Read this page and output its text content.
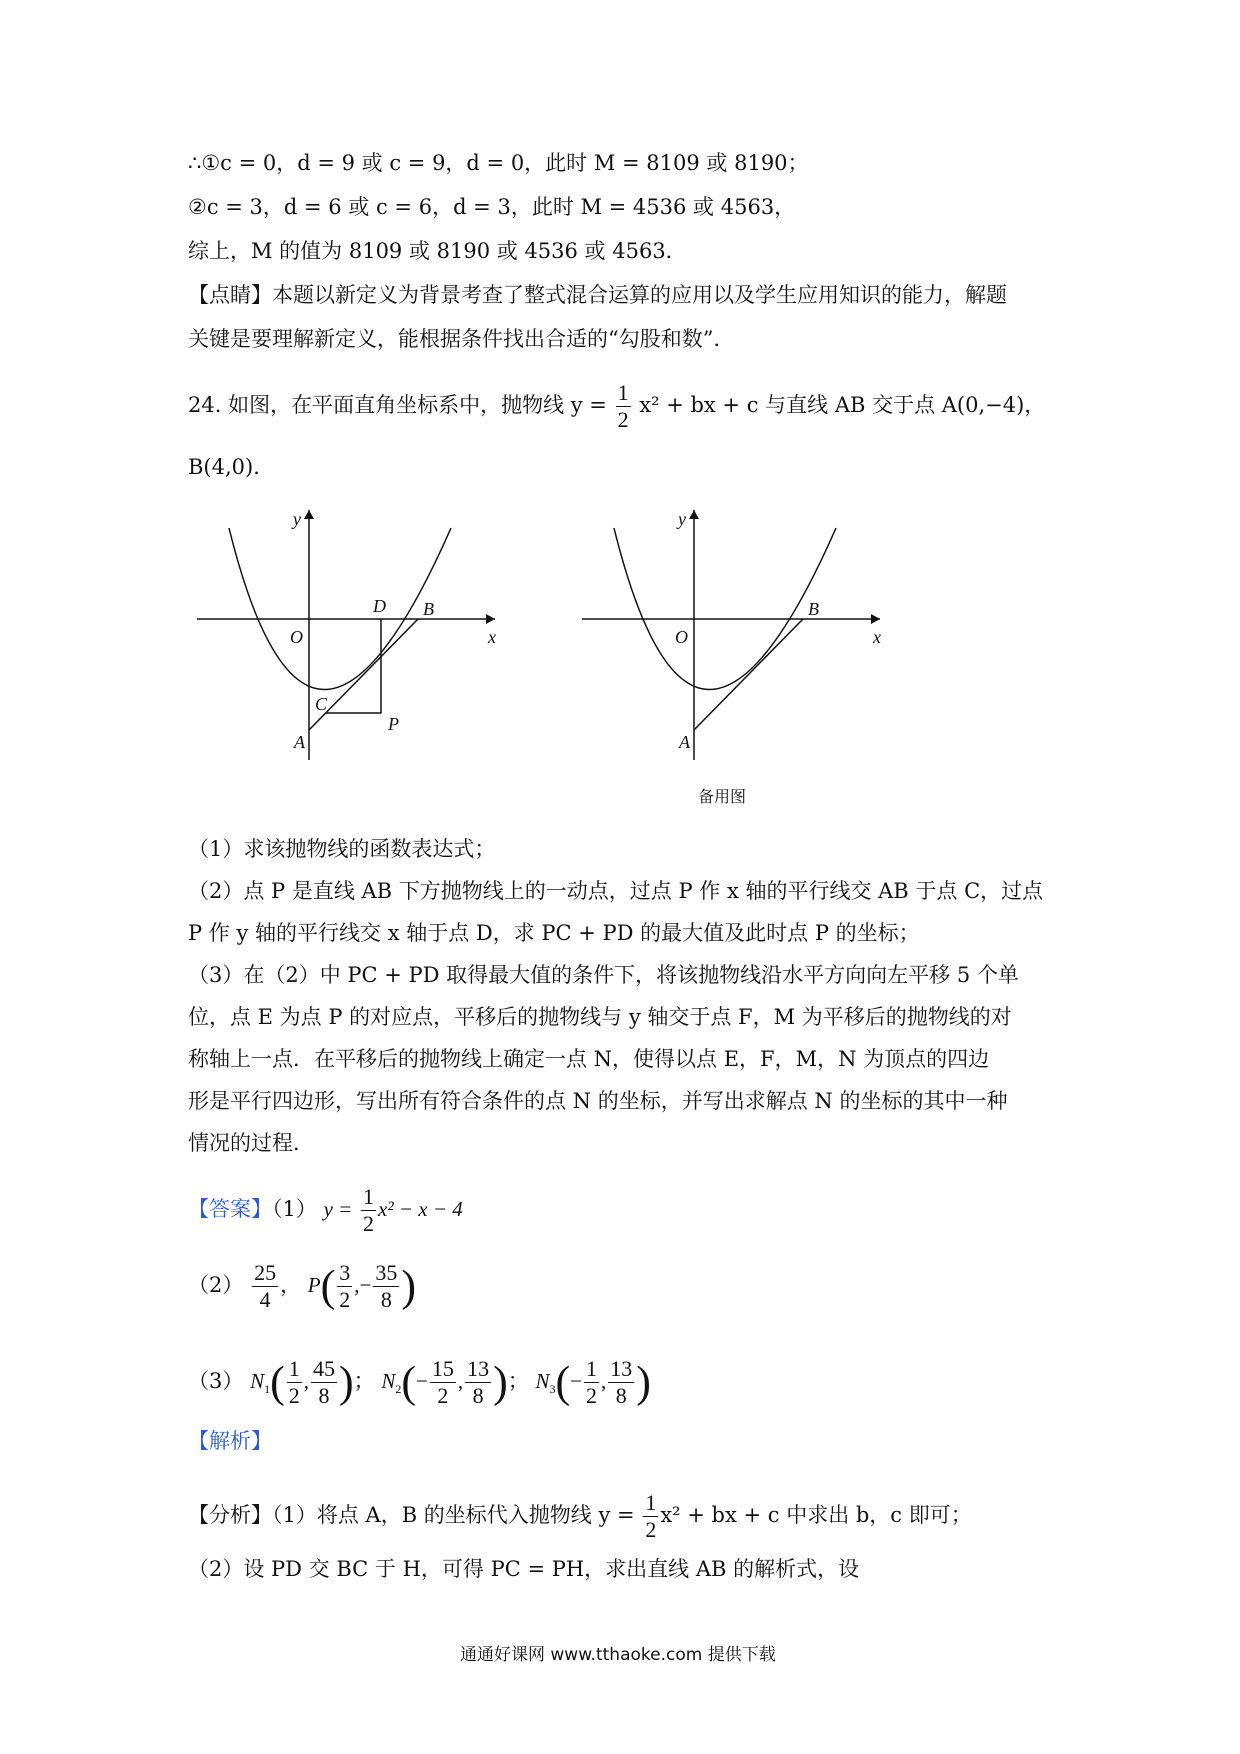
∴①c = 0，d = 9 或 c = 9，d = 0，此时 M = 8109 或 8190；
②c = 3，d = 6 或 c = 6，d = 3，此时 M = 4536 或 4563，
综上，M 的值为 8109 或 8190 或 4536 或 4563．
【点睛】本题以新定义为背景考查了整式混合运算的应用以及学生应用知识的能力，解题
关键是要理解新定义，能根据条件找出合适的“勾股和数”．
24. 如图，在平面直角坐标系中，抛物线 $y = \frac{1}{2} x^2$ + bx + c 与直线 AB 交于点 A(0,−4)，
B(4,0)．
y
x
O
A
B
C
D
P
y
x
O
A
B
备用图
（1）求该抛物线的函数表达式；
（2）点 P 是直线 AB 下方抛物线上的一动点，过点 P 作 x 轴的平行线交 AB 于点 C，过点
P 作 y 轴的平行线交 x 轴于点 D，求 PC + PD 的最大值及此时点 P 的坐标；
（3）在（2）中 PC + PD 取得最大值的条件下，将该抛物线沿水平方向向左平移 5 个单
位，点 E 为点 P 的对应点，平移后的抛物线与 y 轴交于点 F，M 为平移后的抛物线的对
称轴上一点．在平移后的抛物线上确定一点 N，使得以点 E，F，M，N 为顶点的四边
形是平行四边形，写出所有符合条件的点 N 的坐标，并写出求解点 N 的坐标的其中一种
情况的过程．
【答案】（1） $y = \frac{1}{2} x^2 - x - 4$
$(2) \frac{25}{4}$ ， $P( \frac{3}{2}$ ,− $\frac{35}{8}$ )
（3） $N_1( \frac{1}{2}$ , $\frac{45}{8}$ )； $N_2(- \frac{15}{2}$ , $\frac{13}{8}$ )； $N_3(- \frac{1}{2}$ , $\frac{13}{8}$ )
【解析】
【分析】（1）将点 A，B 的坐标代入抛物线 $y = \frac{1}{2} x^2$ + bx + c 中求出 b，c 即可；
（2）设 PD 交 BC 于 H，可得 PC = PH，求出直线 AB 的解析式，设
通通好课网 www.tthaoke.com 提供下载
